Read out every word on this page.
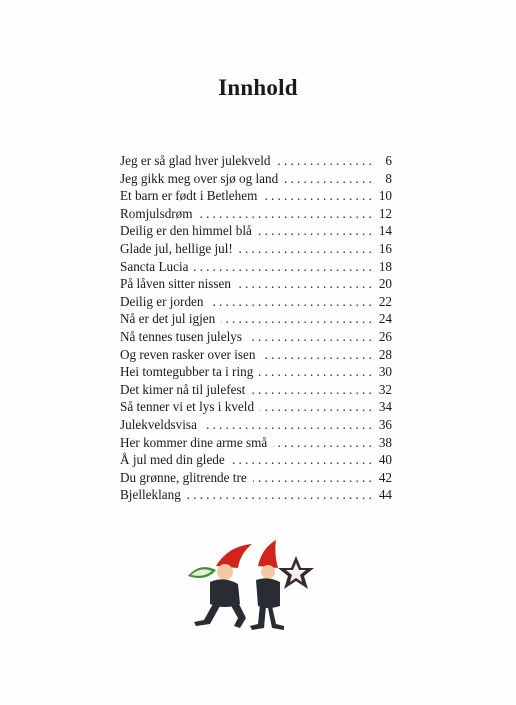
Innhold
Jeg er så glad hver julekveld .....	6
Jeg gikk meg over sjø og land .....	8
Et barn er født i Betlehem .....	10
Romjulsdrøm .....	12
Deilig er den himmel blå .....	14
Glade jul, hellige jul! .....	16
Sancta Lucia .....	18
På låven sitter nissen .....	20
Deilig er jorden .....	22
Nå er det jul igjen .....	24
Nå tennes tusen julelys .....	26
Og reven rasker over isen .....	28
Hei tomtegubber ta i ring .....	30
Det kimer nå til julefest .....	32
Så tenner vi et lys i kveld .....	34
Julekveldsvisa .....	36
Her kommer dine arme små .....	38
Å jul med din glede .....	40
Du grønne, glitrende tre .....	42
Bjelleklang .....	44
